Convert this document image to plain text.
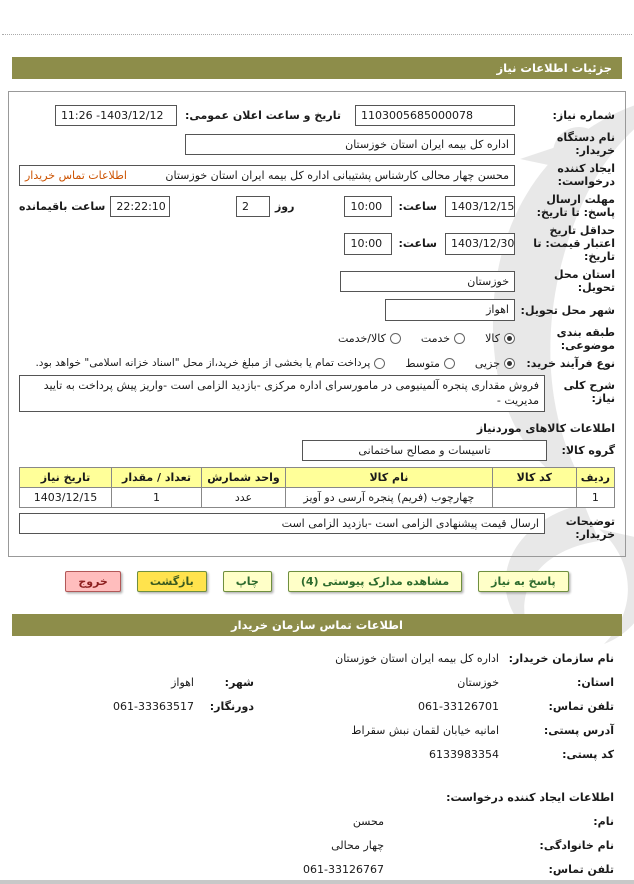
جزئیات اطلاعات نیاز
شماره نیاز:
1103005685000078
تاریخ و ساعت اعلان عمومی:
11:26 -1403/12/12
نام دستگاه خریدار:
اداره کل بیمه ایران استان خوزستان
ایجاد کننده درخواست:
محسن چهار محالی کارشناس پشتیبانی اداره کل بیمه ایران استان خوزستان
اطلاعات تماس خریدار
مهلت ارسال پاسخ: تا تاریخ:
1403/12/15
ساعت:
10:00
روز
2
22:22:10
ساعت باقیمانده
حداقل تاریخ اعتبار قیمت: تا تاریخ:
1403/12/30
ساعت:
10:00
استان محل تحویل:
خوزستان
شهر محل تحویل:
اهواز
طبقه بندی موضوعی:
کالا
خدمت
کالا/خدمت
نوع فرآیند خرید:
جزیی
متوسط
پرداخت تمام یا بخشی از مبلغ خرید،از محل "اسناد خزانه اسلامی" خواهد بود.
شرح کلی نیاز:
فروش مقداری پنجره آلمینیومی در مامورسرای اداره مرکزی -بازدید الزامی است -واریز پیش پرداخت به تایید مدیریت -
اطلاعات کالاهای موردنیاز
گروه کالا:
تاسیسات و مصالح ساختمانی
ردیف	کد کالا	نام کالا	واحد شمارش	تعداد / مقدار	تاریخ نیاز
1		چهارچوب (فریم) پنجره آرسی دو آویز	عدد	1	1403/12/15
توضیحات خریدار:
ارسال قیمت پیشنهادی الزامی است -بازدید الزامی است
پاسخ به نیاز
مشاهده مدارک پیوستی (4)
چاپ
بازگشت
خروج
اطلاعات تماس سازمان خریدار
نام سازمان خریدار:
اداره کل بیمه ایران استان خوزستان
استان:
خوزستان
شهر:
اهواز
تلفن تماس:
061-33126701
دورنگار:
061-33363517
آدرس پستی:
امانیه خیابان لقمان نبش سقراط
کد پستی:
6133983354
اطلاعات ایجاد کننده درخواست:
نام:
محسن
نام خانوادگی:
چهار محالی
تلفن تماس:
061-33126767
